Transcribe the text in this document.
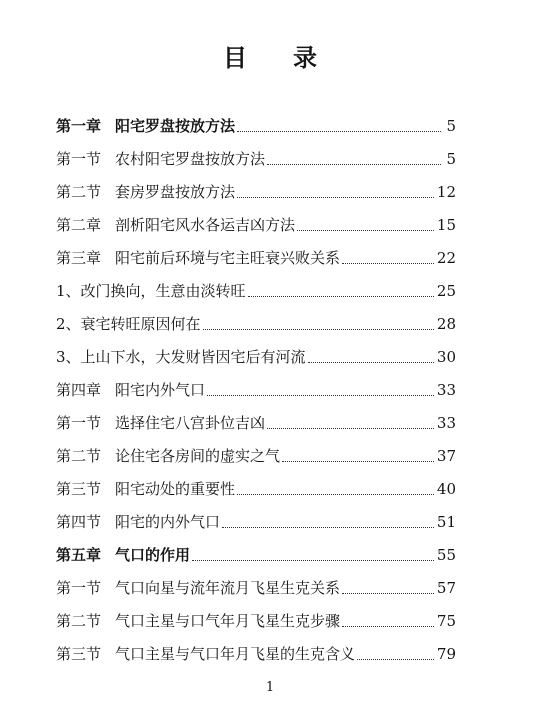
目 录
第一章 阳宅罗盘按放方法	5
第一节 农村阳宅罗盘按放方法	5
第二节 套房罗盘按放方法	12
第二章 剖析阳宅风水各运吉凶方法	15
第三章 阳宅前后环境与宅主旺衰兴败关系	22
1、改门换向，生意由淡转旺	25
2、衰宅转旺原因何在	28
3、上山下水，大发财皆因宅后有河流	30
第四章 阳宅内外气口	33
第一节 选择住宅八宫卦位吉凶	33
第二节 论住宅各房间的虚实之气	37
第三节 阳宅动处的重要性	40
第四节 阳宅的内外气口	51
第五章 气口的作用	55
第一节 气口向星与流年流月飞星生克关系	57
第二节 气口主星与口气年月飞星生克步骤	75
第三节 气口主星与气口年月飞星的生克含义	79
1
